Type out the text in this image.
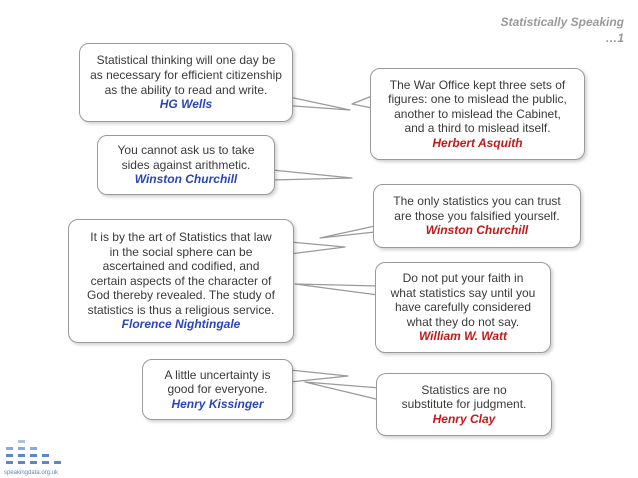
Statistically Speaking
…1
Statistical thinking will one day be
as necessary for efficient citizenship
as the ability to read and write.
HG Wells
You cannot ask us to take
sides against arithmetic.
Winston Churchill
It is by the art of Statistics that law
in the social sphere can be
ascertained and codified, and
certain aspects of the character of
God thereby revealed. The study of
statistics is thus a religious service.
Florence Nightingale
A little uncertainty is
good for everyone.
Henry Kissinger
The War Office kept three sets of
figures: one to mislead the public,
another to mislead the Cabinet,
and a third to mislead itself.
Herbert Asquith
The only statistics you can trust
are those you falsified yourself.
Winston Churchill
Do not put your faith in
what statistics say until you
have carefully considered
what they do not say.
William W. Watt
Statistics are no
substitute for judgment.
Henry Clay
speakingdata.org.uk
